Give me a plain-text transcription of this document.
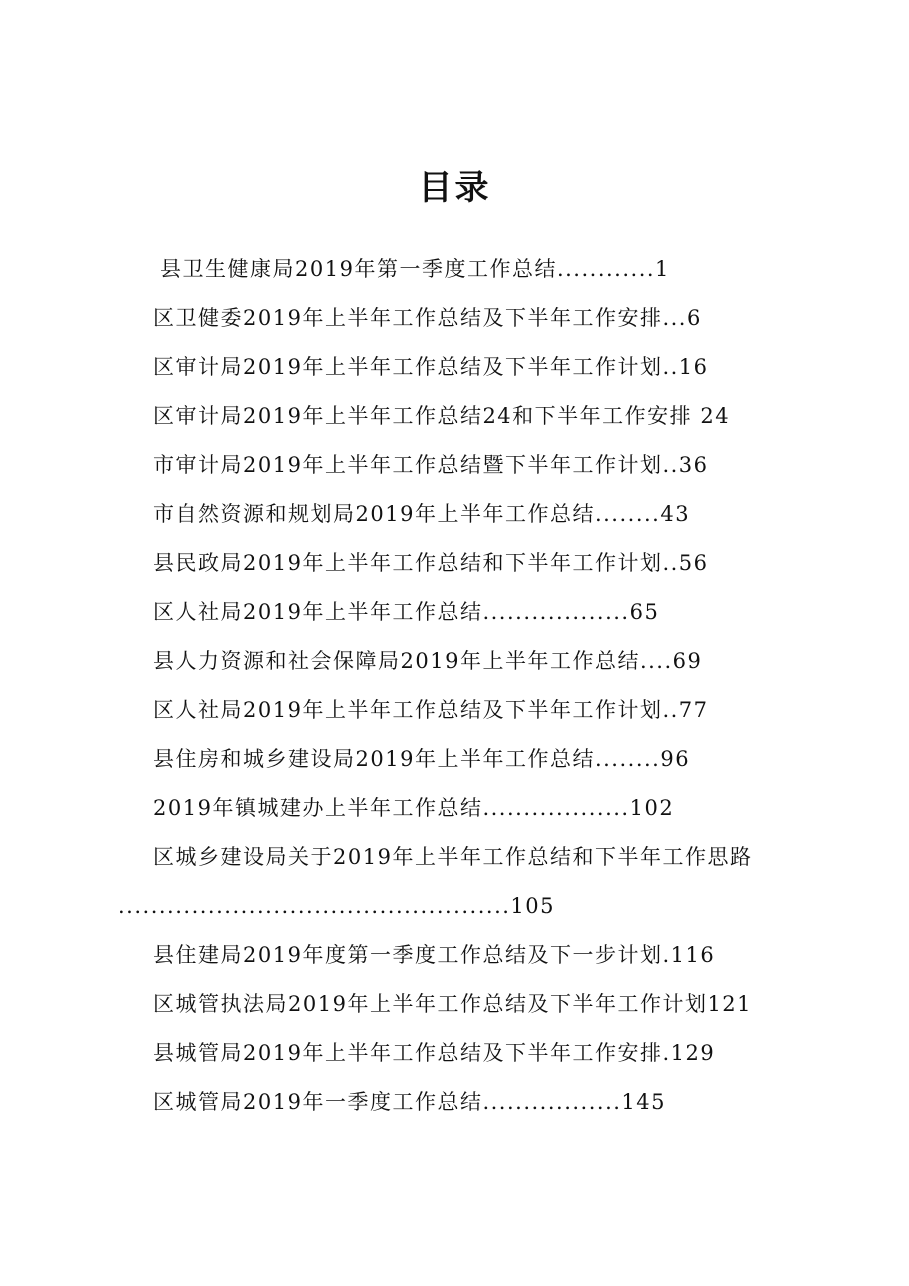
目录
县卫生健康局2019年第一季度工作总结............1
区卫健委2019年上半年工作总结及下半年工作安排...6
区审计局2019年上半年工作总结及下半年工作计划..16
区审计局2019年上半年工作总结24和下半年工作安排 24
市审计局2019年上半年工作总结暨下半年工作计划..36
市自然资源和规划局2019年上半年工作总结........43
县民政局2019年上半年工作总结和下半年工作计划..56
区人社局2019年上半年工作总结..................65
县人力资源和社会保障局2019年上半年工作总结....69
区人社局2019年上半年工作总结及下半年工作计划..77
县住房和城乡建设局2019年上半年工作总结........96
2019年镇城建办上半年工作总结..................102
区城乡建设局关于2019年上半年工作总结和下半年工作思路
................................................105
县住建局2019年度第一季度工作总结及下一步计划.116
区城管执法局2019年上半年工作总结及下半年工作计划121
县城管局2019年上半年工作总结及下半年工作安排.129
区城管局2019年一季度工作总结.................145
